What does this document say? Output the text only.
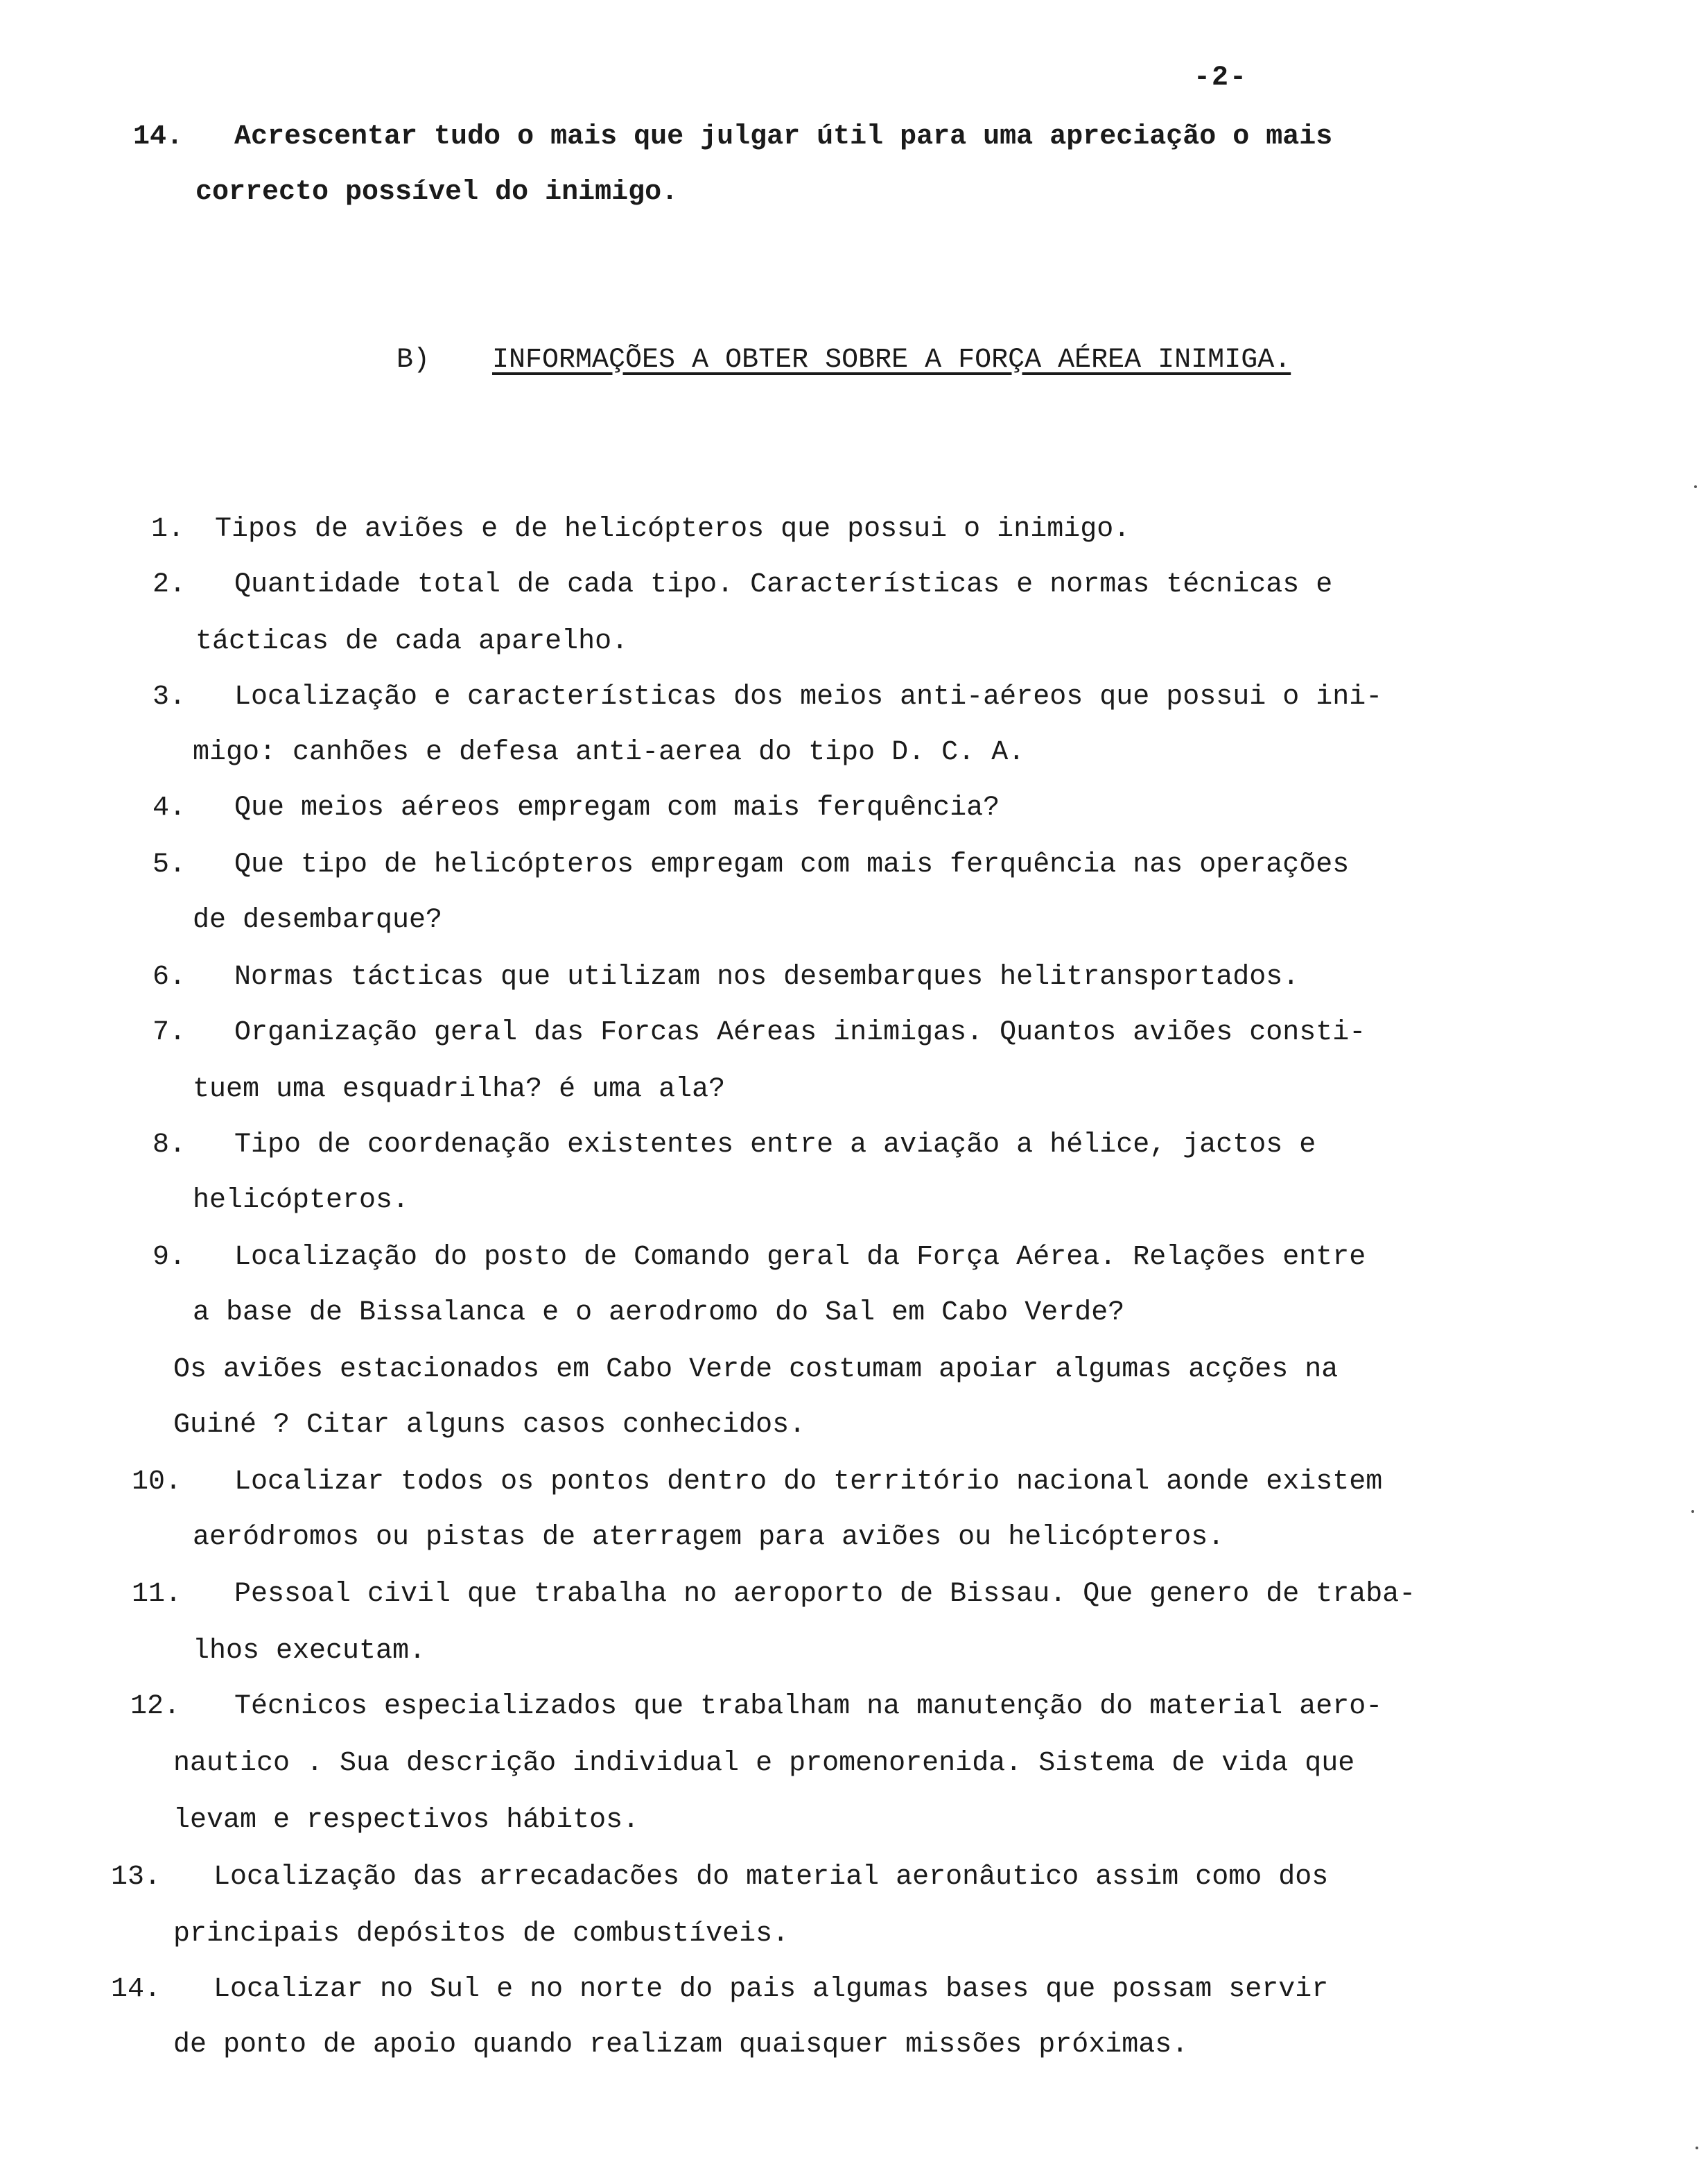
-2-
14. Acrescentar tudo o mais que julgar útil para uma apreciação o mais
correcto possível do inimigo.
B) INFORMAÇÕES A OBTER SOBRE A FORÇA AÉREA INIMIGA.
1. Tipos de aviões e de helicópteros que possui o inimigo.
2. Quantidade total de cada tipo. Características e normas técnicas e
tácticas de cada aparelho.
3. Localização e características dos meios anti-aéreos que possui o ini-
migo: canhões e defesa anti-aerea do tipo D. C. A.
4. Que meios aéreos empregam com mais ferquência?
5. Que tipo de helicópteros empregam com mais ferquência nas operações
de desembarque?
6. Normas tácticas que utilizam nos desembarques helitransportados.
7. Organização geral das Forcas Aéreas inimigas. Quantos aviões consti-
tuem uma esquadrilha? é uma ala?
8. Tipo de coordenação existentes entre a aviação a hélice, jactos e
helicópteros.
9. Localização do posto de Comando geral da Força Aérea. Relações entre
a base de Bissalanca e o aerodromo do Sal em Cabo Verde?
Os aviões estacionados em Cabo Verde costumam apoiar algumas acções na
Guiné ? Citar alguns casos conhecidos.
10. Localizar todos os pontos dentro do território nacional aonde existem
aeródromos ou pistas de aterragem para aviões ou helicópteros.
11. Pessoal civil que trabalha no aeroporto de Bissau. Que genero de traba-
lhos executam.
12. Técnicos especializados que trabalham na manutenção do material aero-
nautico . Sua descrição individual e promenorenida. Sistema de vida que
levam e respectivos hábitos.
13. Localização das arrecadacões do material aeronâutico assim como dos
principais depósitos de combustíveis.
14. Localizar no Sul e no norte do pais algumas bases que possam servir
de ponto de apoio quando realizam quaisquer missões próximas.
